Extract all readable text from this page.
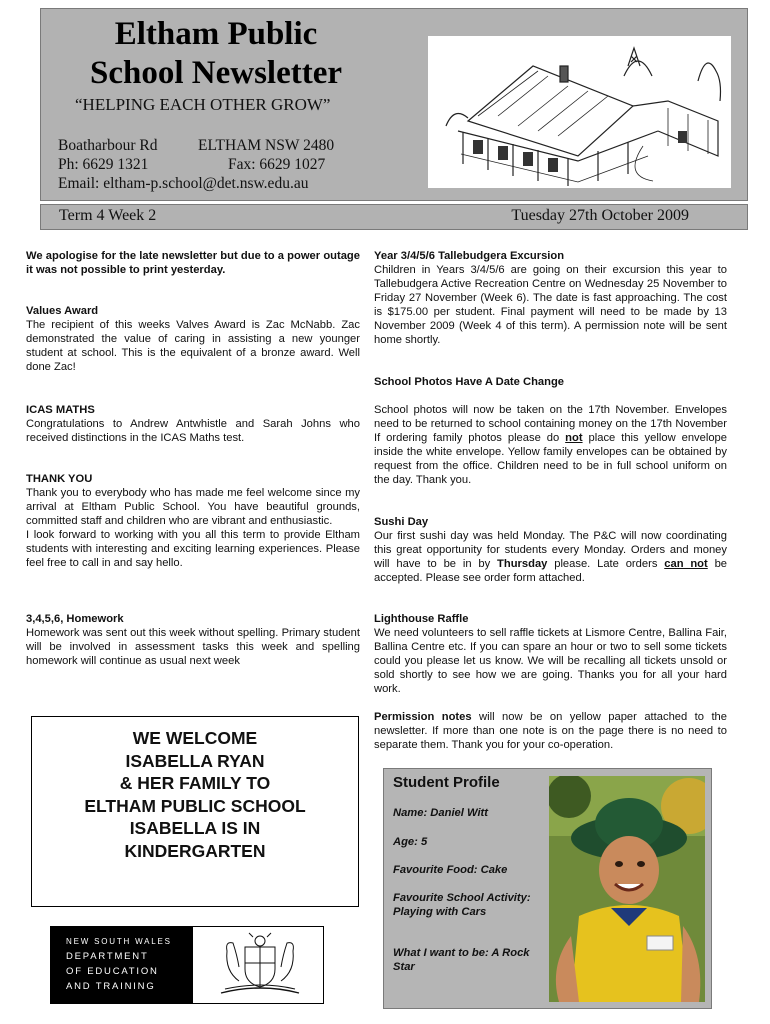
Eltham Public
School Newsletter
“HELPING EACH OTHER GROW”
Boatharbour Rd	ELTHAM NSW 2480
Ph: 6629 1321	Fax: 6629 1027
Email: eltham-p.school@det.nsw.edu.au
Term 4 Week 2	Tuesday 27th October 2009

We apologise for the late newsletter but due to a power outage it was not possible to print yesterday.

Values Award

The recipient of this weeks Valves Award is Zac McNabb. Zac demonstrated the value of caring in assisting a new younger student at school. This is the equivalent of a bronze award. Well done Zac!

ICAS MATHS

Congratulations to Andrew Antwhistle and Sarah Johns who received distinctions in the ICAS Maths test.

THANK YOU

Thank you to everybody who has made me feel welcome since my arrival at Eltham Public School. You have beautiful grounds, committed staff and children who are vibrant and enthusiastic.

I look forward to working with you all this term to provide Eltham students with interesting and exciting learning experiences. Please feel free to call in and say hello.

3,4,5,6, Homework

Homework was sent out this week without spelling. Primary student will be involved in assessment tasks this week and spelling homework will continue as usual next week

WE WELCOME
ISABELLA RYAN
& HER FAMILY TO
ELTHAM PUBLIC SCHOOL
ISABELLA IS IN
KINDERGARTEN
NEW SOUTH WALES
DEPARTMENT
OF EDUCATION
AND TRAINING
Year 3/4/5/6 Tallebudgera Excursion

Children in Years 3/4/5/6 are going on their excursion this year to Tallebudgera Active Recreation Centre on Wednesday 25 November to Friday 27 November (Week 6). The date is fast approaching. The cost is $175.00 per student. Final payment will need to be made by 13 November 2009 (Week 4 of this term). A permission note will be sent home shortly.

School Photos Have A Date Change

School photos will now be taken on the 17th November. Envelopes need to be returned to school containing money on the 17th November If ordering family photos please do not place this yellow envelope inside the white envelope. Yellow family envelopes can be obtained by request from the office. Children need to be in full school uniform on the day. Thank you.

Sushi Day

Our first sushi day was held Monday. The P&C will now coordinating this great opportunity for students every Monday. Orders and money will have to be in by Thursday please. Late orders can not be accepted. Please see order form attached.

Lighthouse Raffle

We need volunteers to sell raffle tickets at Lismore Centre, Ballina Fair, Ballina Centre etc. If you can spare an hour or two to sell some tickets could you please let us know. We will be recalling all tickets unsold or sold shortly to see how we are going. Thanks you for all your hard work.

Permission notes will now be on yellow paper attached to the newsletter. If more than one note is on the page there is no need to separate them. Thank you for your co-operation.

Student Profile
Name: Daniel Witt
Age: 5
Favourite Food: Cake
Favourite School Activity: Playing with Cars
What I want to be: A Rock Star
